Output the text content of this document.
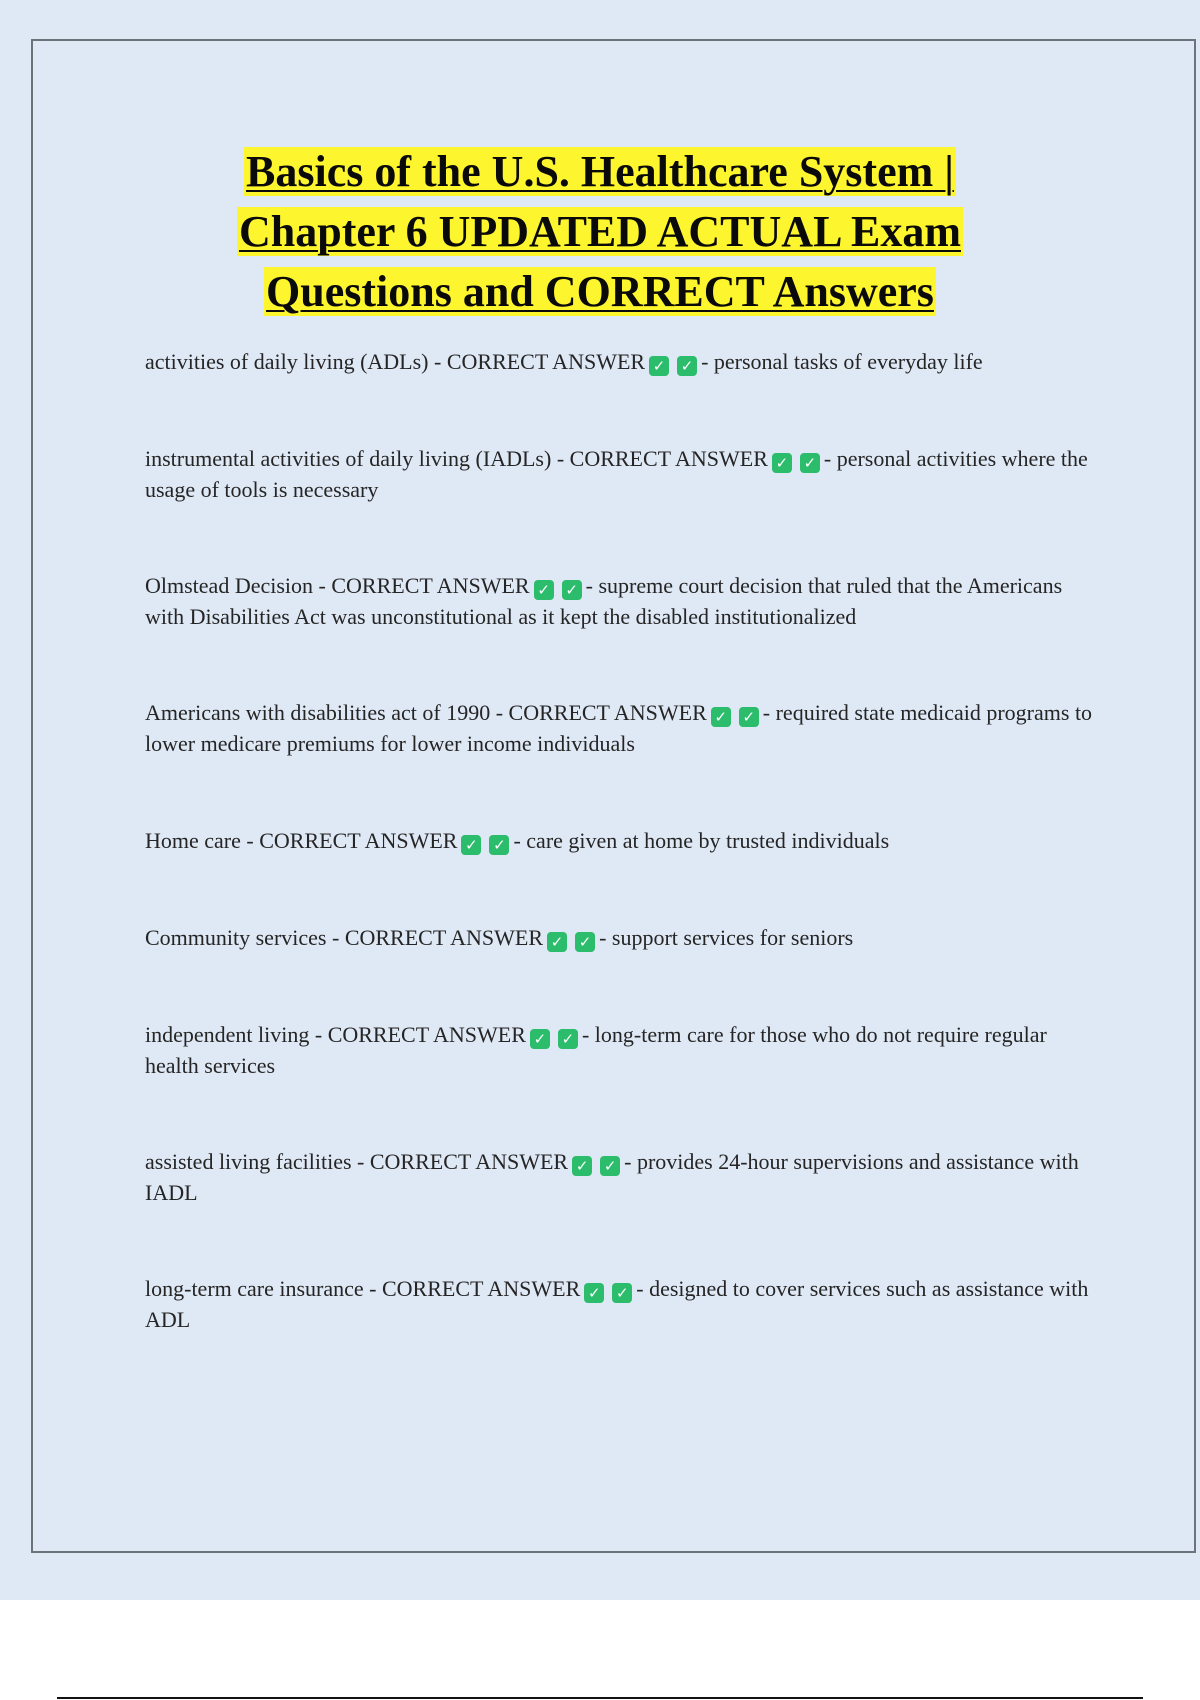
Basics of the U.S. Healthcare System |
Chapter 6 UPDATED ACTUAL Exam
Questions and CORRECT Answers
activities of daily living (ADLs) - CORRECT ANSWER ✓ ✓ - personal tasks of everyday life
instrumental activities of daily living (IADLs) - CORRECT ANSWER ✓ ✓ - personal activities where the usage of tools is necessary
Olmstead Decision - CORRECT ANSWER ✓ ✓ - supreme court decision that ruled that the Americans with Disabilities Act was unconstitutional as it kept the disabled institutionalized
Americans with disabilities act of 1990 - CORRECT ANSWER ✓ ✓ - required state medicaid programs to lower medicare premiums for lower income individuals
Home care - CORRECT ANSWER ✓ ✓ - care given at home by trusted individuals
Community services - CORRECT ANSWER ✓ ✓ - support services for seniors
independent living - CORRECT ANSWER ✓ ✓ - long-term care for those who do not require regular health services
assisted living facilities - CORRECT ANSWER ✓ ✓ - provides 24-hour supervisions and assistance with IADL
long-term care insurance - CORRECT ANSWER ✓ ✓ - designed to cover services such as assistance with ADL
